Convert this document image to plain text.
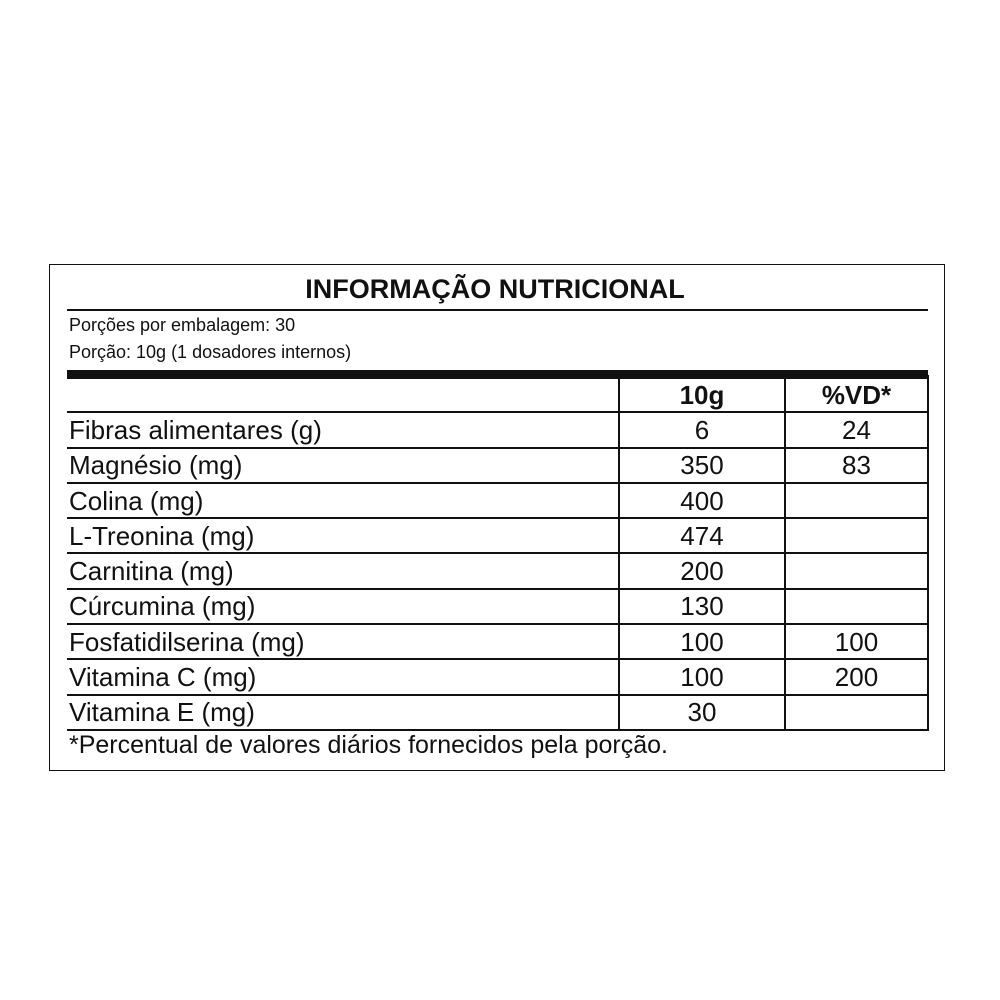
INFORMAÇÃO NUTRICIONAL
Porções por embalagem: 30
Porção: 10g (1 dosadores internos)
	10g	%VD*
Fibras alimentares (g)	6	24
Magnésio (mg)	350	83
Colina (mg)	400	
L-Treonina (mg)	474	
Carnitina (mg)	200	
Cúrcumina (mg)	130	
Fosfatidilserina (mg)	100	100
Vitamina C (mg)	100	200
Vitamina E (mg)	30	
*Percentual de valores diários fornecidos pela porção.
